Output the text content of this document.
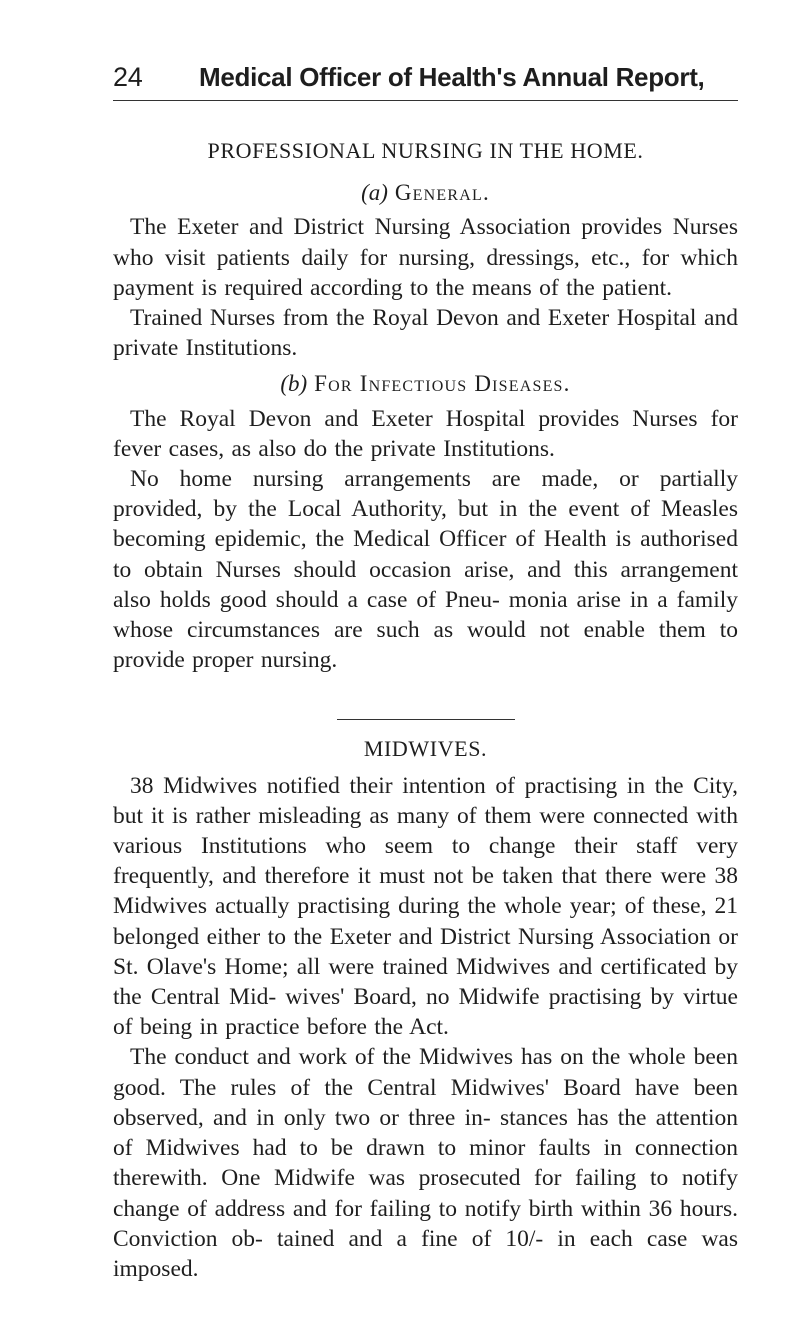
24	Medical Officer of Health's Annual Report,
PROFESSIONAL NURSING IN THE HOME.
(a) General.

The Exeter and District Nursing Association provides Nurses who visit patients daily for nursing, dressings, etc., for which payment is required according to the means of the patient.

Trained Nurses from the Royal Devon and Exeter Hospital and private Institutions.

(b) For Infectious Diseases.

The Royal Devon and Exeter Hospital provides Nurses for fever cases, as also do the private Institutions.

No home nursing arrangements are made, or partially provided, by the Local Authority, but in the event of Measles becoming epidemic, the Medical Officer of Health is authorised to obtain Nurses should occasion arise, and this arrangement also holds good should a case of Pneu- monia arise in a family whose circumstances are such as would not enable them to provide proper nursing.

MIDWIVES.

38 Midwives notified their intention of practising in the City, but it is rather misleading as many of them were connected with various Institutions who seem to change their staff very frequently, and therefore it must not be taken that there were 38 Midwives actually practising during the whole year; of these, 21 belonged either to the Exeter and District Nursing Association or St. Olave's Home; all were trained Midwives and certificated by the Central Mid- wives' Board, no Midwife practising by virtue of being in practice before the Act.

The conduct and work of the Midwives has on the whole been good. The rules of the Central Midwives' Board have been observed, and in only two or three in- stances has the attention of Midwives had to be drawn to minor faults in connection therewith. One Midwife was prosecuted for failing to notify change of address and for failing to notify birth within 36 hours. Conviction ob- tained and a fine of 10/- in each case was imposed.
